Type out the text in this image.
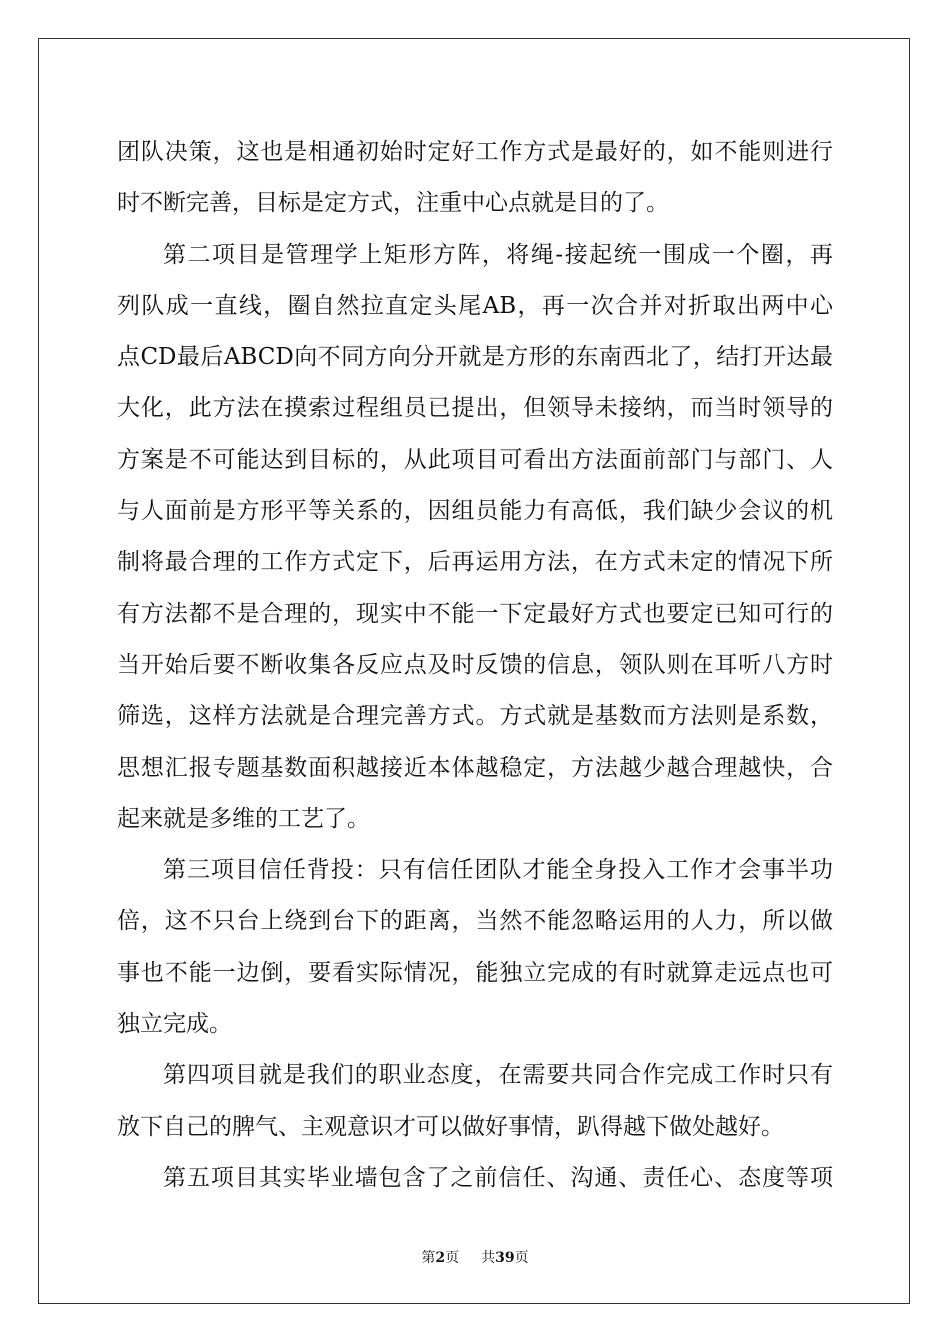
团队决策，这也是相通初始时定好工作方式是最好的，如不能则进行
时不断完善，目标是定方式，注重中心点就是目的了。
第二项目是管理学上矩形方阵，将绳-接起统一围成一个圈，再
列队成一直线，圈自然拉直定头尾AB，再一次合并对折取出两中心
点CD最后ABCD向不同方向分开就是方形的东南西北了，结打开达最
大化，此方法在摸索过程组员已提出，但领导未接纳，而当时领导的
方案是不可能达到目标的，从此项目可看出方法面前部门与部门、人
与人面前是方形平等关系的，因组员能力有高低，我们缺少会议的机
制将最合理的工作方式定下，后再运用方法，在方式未定的情况下所
有方法都不是合理的，现实中不能一下定最好方式也要定已知可行的
当开始后要不断收集各反应点及时反馈的信息，领队则在耳听八方时
筛选，这样方法就是合理完善方式。方式就是基数而方法则是系数，
思想汇报专题基数面积越接近本体越稳定，方法越少越合理越快，合
起来就是多维的工艺了。
第三项目信任背投：只有信任团队才能全身投入工作才会事半功
倍，这不只台上绕到台下的距离，当然不能忽略运用的人力，所以做
事也不能一边倒，要看实际情况，能独立完成的有时就算走远点也可
独立完成。
第四项目就是我们的职业态度，在需要共同合作完成工作时只有
放下自己的脾气、主观意识才可以做好事情，趴得越下做处越好。
第五项目其实毕业墙包含了之前信任、沟通、责任心、态度等项
第2页 共39页
